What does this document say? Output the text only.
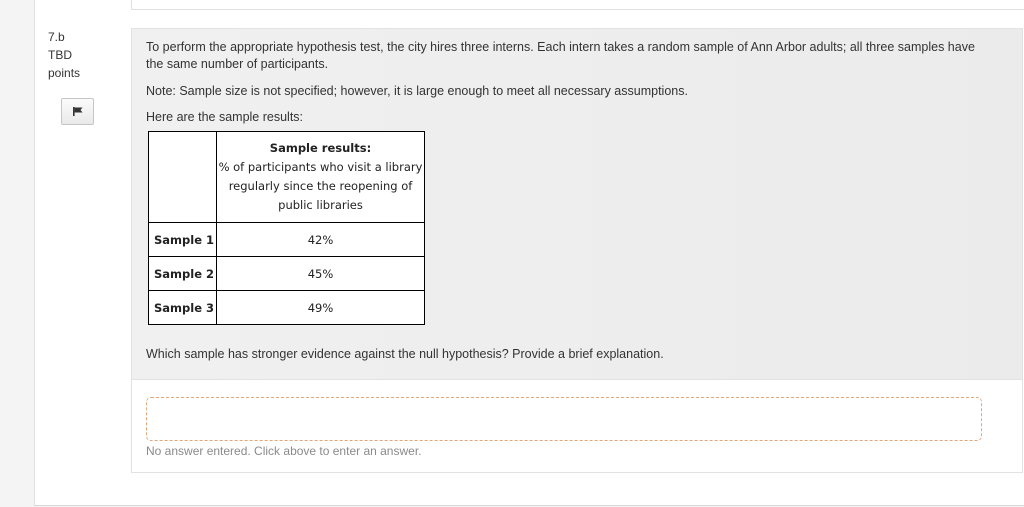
7.b
TBD
points
To perform the appropriate hypothesis test, the city hires three interns. Each intern takes a random sample of Ann Arbor adults; all three samples have the same number of participants.
Note: Sample size is not specified; however, it is large enough to meet all necessary assumptions.
Here are the sample results:

	Sample results:
% of participants who visit a library
regularly since the reopening of
public libraries

Sample 1	42%
Sample 2	45%
Sample 3	49%
Which sample has stronger evidence against the null hypothesis? Provide a brief explanation.
No answer entered. Click above to enter an answer.
